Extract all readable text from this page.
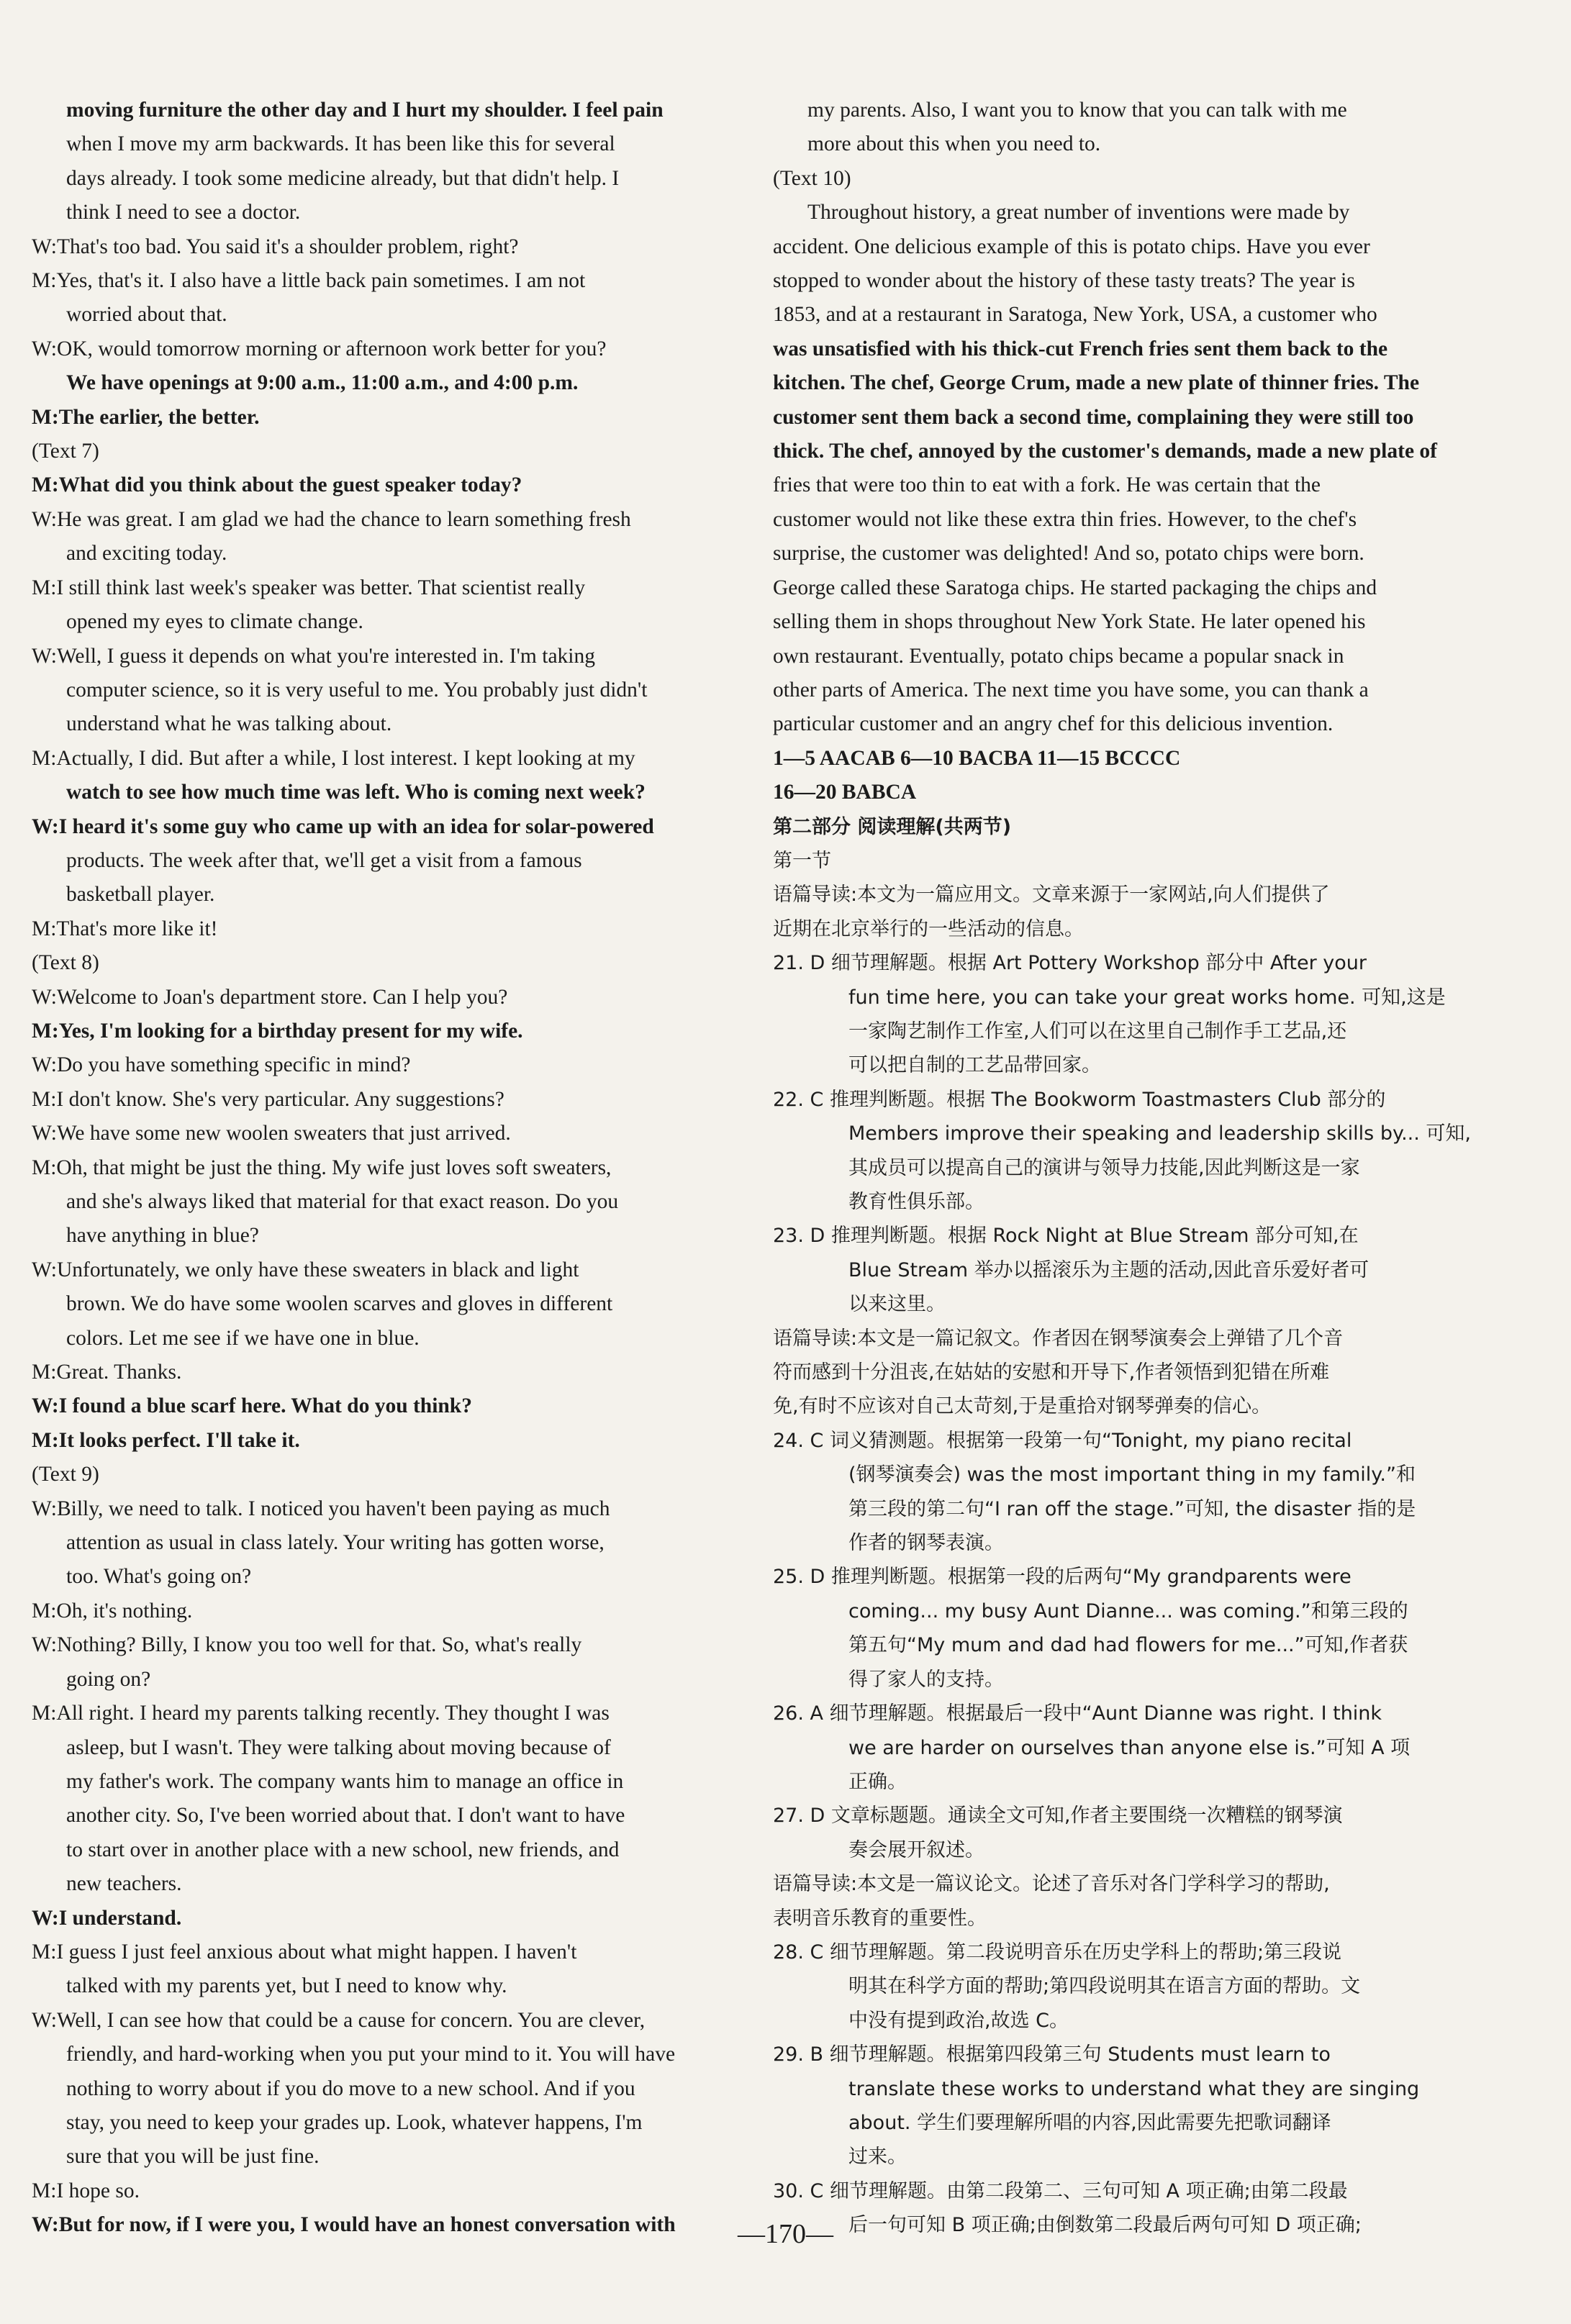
moving furniture the other day and I hurt my shoulder. I feel pain
when I move my arm backwards. It has been like this for several
days already. I took some medicine already, but that didn't help. I
think I need to see a doctor.
W:That's too bad. You said it's a shoulder problem, right?
M:Yes, that's it. I also have a little back pain sometimes. I am not
worried about that.
W:OK, would tomorrow morning or afternoon work better for you?
We have openings at 9:00 a.m., 11:00 a.m., and 4:00 p.m.
M:The earlier, the better.
(Text 7)
M:What did you think about the guest speaker today?
W:He was great. I am glad we had the chance to learn something fresh
and exciting today.
M:I still think last week's speaker was better. That scientist really
opened my eyes to climate change.
W:Well, I guess it depends on what you're interested in. I'm taking
computer science, so it is very useful to me. You probably just didn't
understand what he was talking about.
M:Actually, I did. But after a while, I lost interest. I kept looking at my
watch to see how much time was left. Who is coming next week?
W:I heard it's some guy who came up with an idea for solar-powered
products. The week after that, we'll get a visit from a famous
basketball player.
M:That's more like it!
(Text 8)
W:Welcome to Joan's department store. Can I help you?
M:Yes, I'm looking for a birthday present for my wife.
W:Do you have something specific in mind?
M:I don't know. She's very particular. Any suggestions?
W:We have some new woolen sweaters that just arrived.
M:Oh, that might be just the thing. My wife just loves soft sweaters,
and she's always liked that material for that exact reason. Do you
have anything in blue?
W:Unfortunately, we only have these sweaters in black and light
brown. We do have some woolen scarves and gloves in different
colors. Let me see if we have one in blue.
M:Great. Thanks.
W:I found a blue scarf here. What do you think?
M:It looks perfect. I'll take it.
(Text 9)
W:Billy, we need to talk. I noticed you haven't been paying as much
attention as usual in class lately. Your writing has gotten worse,
too. What's going on?
M:Oh, it's nothing.
W:Nothing? Billy, I know you too well for that. So, what's really
going on?
M:All right. I heard my parents talking recently. They thought I was
asleep, but I wasn't. They were talking about moving because of
my father's work. The company wants him to manage an office in
another city. So, I've been worried about that. I don't want to have
to start over in another place with a new school, new friends, and
new teachers.
W:I understand.
M:I guess I just feel anxious about what might happen. I haven't
talked with my parents yet, but I need to know why.
W:Well, I can see how that could be a cause for concern. You are clever,
friendly, and hard-working when you put your mind to it. You will have
nothing to worry about if you do move to a new school. And if you
stay, you need to keep your grades up. Look, whatever happens, I'm
sure that you will be just fine.
M:I hope so.
W:But for now, if I were you, I would have an honest conversation with
my parents. Also, I want you to know that you can talk with me
more about this when you need to.
(Text 10)
Throughout history, a great number of inventions were made by
accident. One delicious example of this is potato chips. Have you ever
stopped to wonder about the history of these tasty treats? The year is
1853, and at a restaurant in Saratoga, New York, USA, a customer who
was unsatisfied with his thick-cut French fries sent them back to the
kitchen. The chef, George Crum, made a new plate of thinner fries. The
customer sent them back a second time, complaining they were still too
thick. The chef, annoyed by the customer's demands, made a new plate of
fries that were too thin to eat with a fork. He was certain that the
customer would not like these extra thin fries. However, to the chef's
surprise, the customer was delighted! And so, potato chips were born.
George called these Saratoga chips. He started packaging the chips and
selling them in shops throughout New York State. He later opened his
own restaurant. Eventually, potato chips became a popular snack in
other parts of America. The next time you have some, you can thank a
particular customer and an angry chef for this delicious invention.
1—5 AACAB 6—10 BACBA 11—15 BCCCC
16—20 BABCA
第二部分 阅读理解(共两节)
第一节
语篇导读:本文为一篇应用文。文章来源于一家网站,向人们提供了
近期在北京举行的一些活动的信息。
21. D 细节理解题。根据 Art Pottery Workshop 部分中 After your
fun time here, you can take your great works home. 可知,这是
一家陶艺制作工作室,人们可以在这里自己制作手工艺品,还
可以把自制的工艺品带回家。
22. C 推理判断题。根据 The Bookworm Toastmasters Club 部分的
Members improve their speaking and leadership skills by... 可知,
其成员可以提高自己的演讲与领导力技能,因此判断这是一家
教育性俱乐部。
23. D 推理判断题。根据 Rock Night at Blue Stream 部分可知,在
Blue Stream 举办以摇滚乐为主题的活动,因此音乐爱好者可
以来这里。
语篇导读:本文是一篇记叙文。作者因在钢琴演奏会上弹错了几个音
符而感到十分沮丧,在姑姑的安慰和开导下,作者领悟到犯错在所难
免,有时不应该对自己太苛刻,于是重拾对钢琴弹奏的信心。
24. C 词义猜测题。根据第一段第一句“Tonight, my piano recital
(钢琴演奏会) was the most important thing in my family.”和
第三段的第二句“I ran off the stage.”可知, the disaster 指的是
作者的钢琴表演。
25. D 推理判断题。根据第一段的后两句“My grandparents were
coming... my busy Aunt Dianne... was coming.”和第三段的
第五句“My mum and dad had flowers for me...”可知,作者获
得了家人的支持。
26. A 细节理解题。根据最后一段中“Aunt Dianne was right. I think
we are harder on ourselves than anyone else is.”可知 A 项
正确。
27. D 文章标题题。通读全文可知,作者主要围绕一次糟糕的钢琴演
奏会展开叙述。
语篇导读:本文是一篇议论文。论述了音乐对各门学科学习的帮助,
表明音乐教育的重要性。
28. C 细节理解题。第二段说明音乐在历史学科上的帮助;第三段说
明其在科学方面的帮助;第四段说明其在语言方面的帮助。文
中没有提到政治,故选 C。
29. B 细节理解题。根据第四段第三句 Students must learn to
translate these works to understand what they are singing
about. 学生们要理解所唱的内容,因此需要先把歌词翻译
过来。
30. C 细节理解题。由第二段第二、三句可知 A 项正确;由第二段最
后一句可知 B 项正确;由倒数第二段最后两句可知 D 项正确;
—170—
